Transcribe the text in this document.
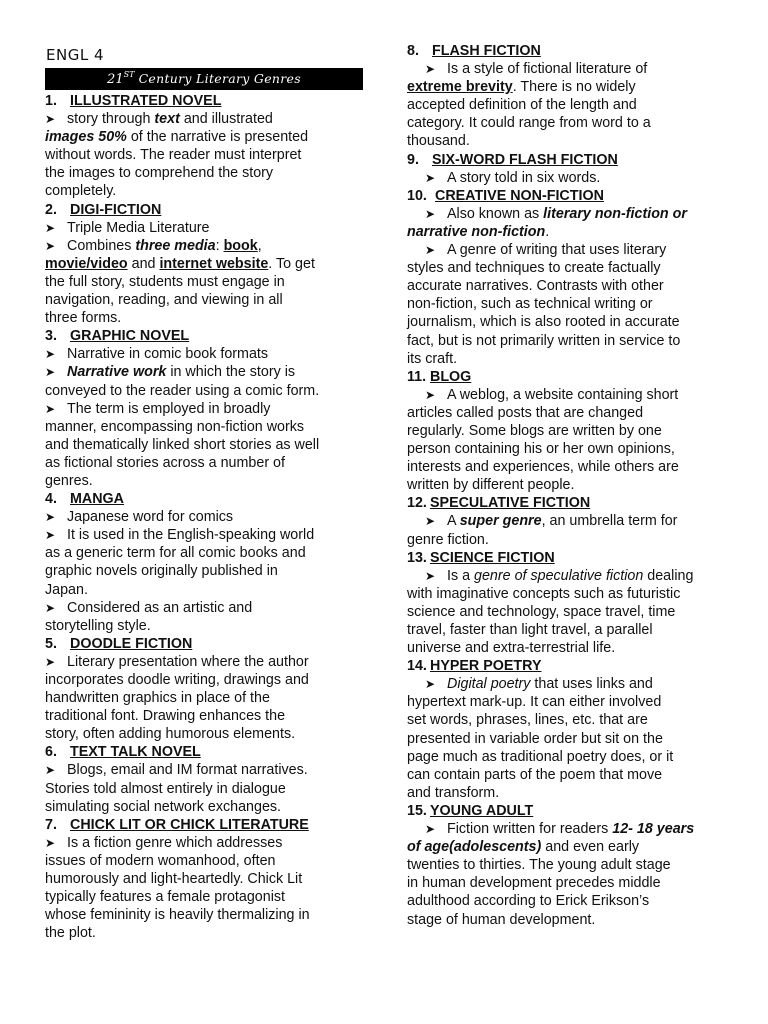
ENGL 4
21ST Century Literary Genres
1. ILLUSTRATED NOVEL

➤ story through text and illustrated

images 50% of the narrative is presented

without words. The reader must interpret

the images to comprehend the story

completely.

2. DIGI-FICTION

➤ Triple Media Literature

➤ Combines three media: book,

movie/video and internet website. To get

the full story, students must engage in

navigation, reading, and viewing in all

three forms.

3. GRAPHIC NOVEL

➤ Narrative in comic book formats

➤ Narrative work in which the story is

conveyed to the reader using a comic form.

➤ The term is employed in broadly

manner, encompassing non-fiction works

and thematically linked short stories as well

as fictional stories across a number of

genres.

4. MANGA

➤ Japanese word for comics

➤ It is used in the English-speaking world

as a generic term for all comic books and

graphic novels originally published in

Japan.

➤ Considered as an artistic and

storytelling style.

5. DOODLE FICTION

➤ Literary presentation where the author

incorporates doodle writing, drawings and

handwritten graphics in place of the

traditional font. Drawing enhances the

story, often adding humorous elements.

6. TEXT TALK NOVEL

➤ Blogs, email and IM format narratives.

Stories told almost entirely in dialogue

simulating social network exchanges.

7. CHICK LIT OR CHICK LITERATURE

➤ Is a fiction genre which addresses

issues of modern womanhood, often

humorously and light-heartedly. Chick Lit

typically features a female protagonist

whose femininity is heavily thermalizing in

the plot.

8. FLASH FICTION

➤ Is a style of fictional literature of

extreme brevity. There is no widely

accepted definition of the length and

category. It could range from word to a

thousand.

9. SIX-WORD FLASH FICTION

➤ A story told in six words.

10. CREATIVE NON-FICTION

➤ Also known as literary non-fiction or

narrative non-fiction.

➤ A genre of writing that uses literary

styles and techniques to create factually

accurate narratives. Contrasts with other

non-fiction, such as technical writing or

journalism, which is also rooted in accurate

fact, but is not primarily written in service to

its craft.

11. BLOG

➤ A weblog, a website containing short

articles called posts that are changed

regularly. Some blogs are written by one

person containing his or her own opinions,

interests and experiences, while others are

written by different people.

12. SPECULATIVE FICTION

➤ A super genre, an umbrella term for

genre fiction.

13. SCIENCE FICTION

➤ Is a genre of speculative fiction dealing

with imaginative concepts such as futuristic

science and technology, space travel, time

travel, faster than light travel, a parallel

universe and extra-terrestrial life.

14. HYPER POETRY

➤ Digital poetry that uses links and

hypertext mark-up. It can either involved

set words, phrases, lines, etc. that are

presented in variable order but sit on the

page much as traditional poetry does, or it

can contain parts of the poem that move

and transform.

15. YOUNG ADULT

➤ Fiction written for readers 12- 18 years

of age(adolescents) and even early

twenties to thirties. The young adult stage

in human development precedes middle

adulthood according to Erick Erikson’s

stage of human development.
